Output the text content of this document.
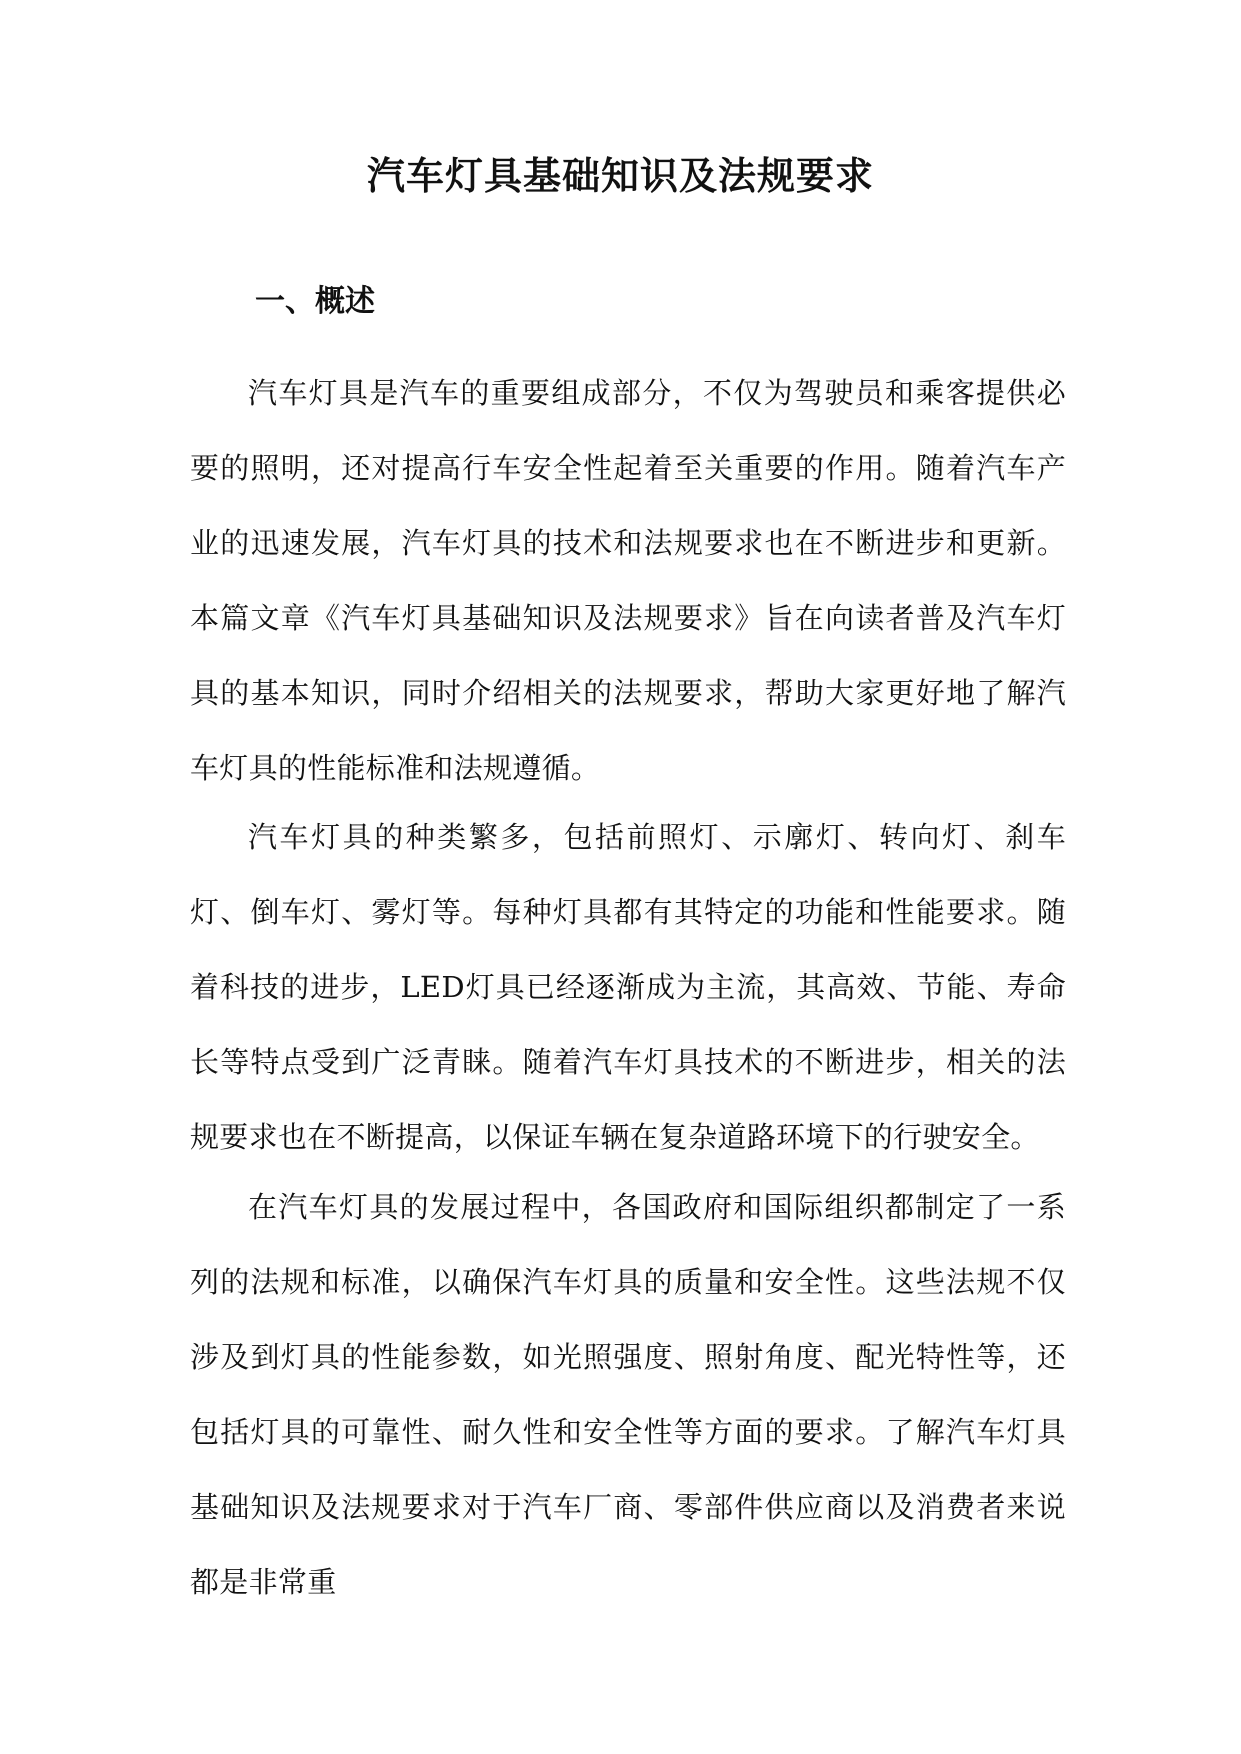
汽车灯具基础知识及法规要求
一、概述

汽车灯具是汽车的重要组成部分，不仅为驾驶员和乘客提供必要的照明，还对提高行车安全性起着至关重要的作用。随着汽车产业的迅速发展，汽车灯具的技术和法规要求也在不断进步和更新。本篇文章《汽车灯具基础知识及法规要求》旨在向读者普及汽车灯具的基本知识，同时介绍相关的法规要求，帮助大家更好地了解汽车灯具的性能标准和法规遵循。

汽车灯具的种类繁多，包括前照灯、示廓灯、转向灯、刹车灯、倒车灯、雾灯等。每种灯具都有其特定的功能和性能要求。随着科技的进步，LED灯具已经逐渐成为主流，其高效、节能、寿命长等特点受到广泛青睐。随着汽车灯具技术的不断进步，相关的法规要求也在不断提高，以保证车辆在复杂道路环境下的行驶安全。

在汽车灯具的发展过程中，各国政府和国际组织都制定了一系列的法规和标准，以确保汽车灯具的质量和安全性。这些法规不仅涉及到灯具的性能参数，如光照强度、照射角度、配光特性等，还包括灯具的可靠性、耐久性和安全性等方面的要求。了解汽车灯具基础知识及法规要求对于汽车厂商、零部件供应商以及消费者来说都是非常重
